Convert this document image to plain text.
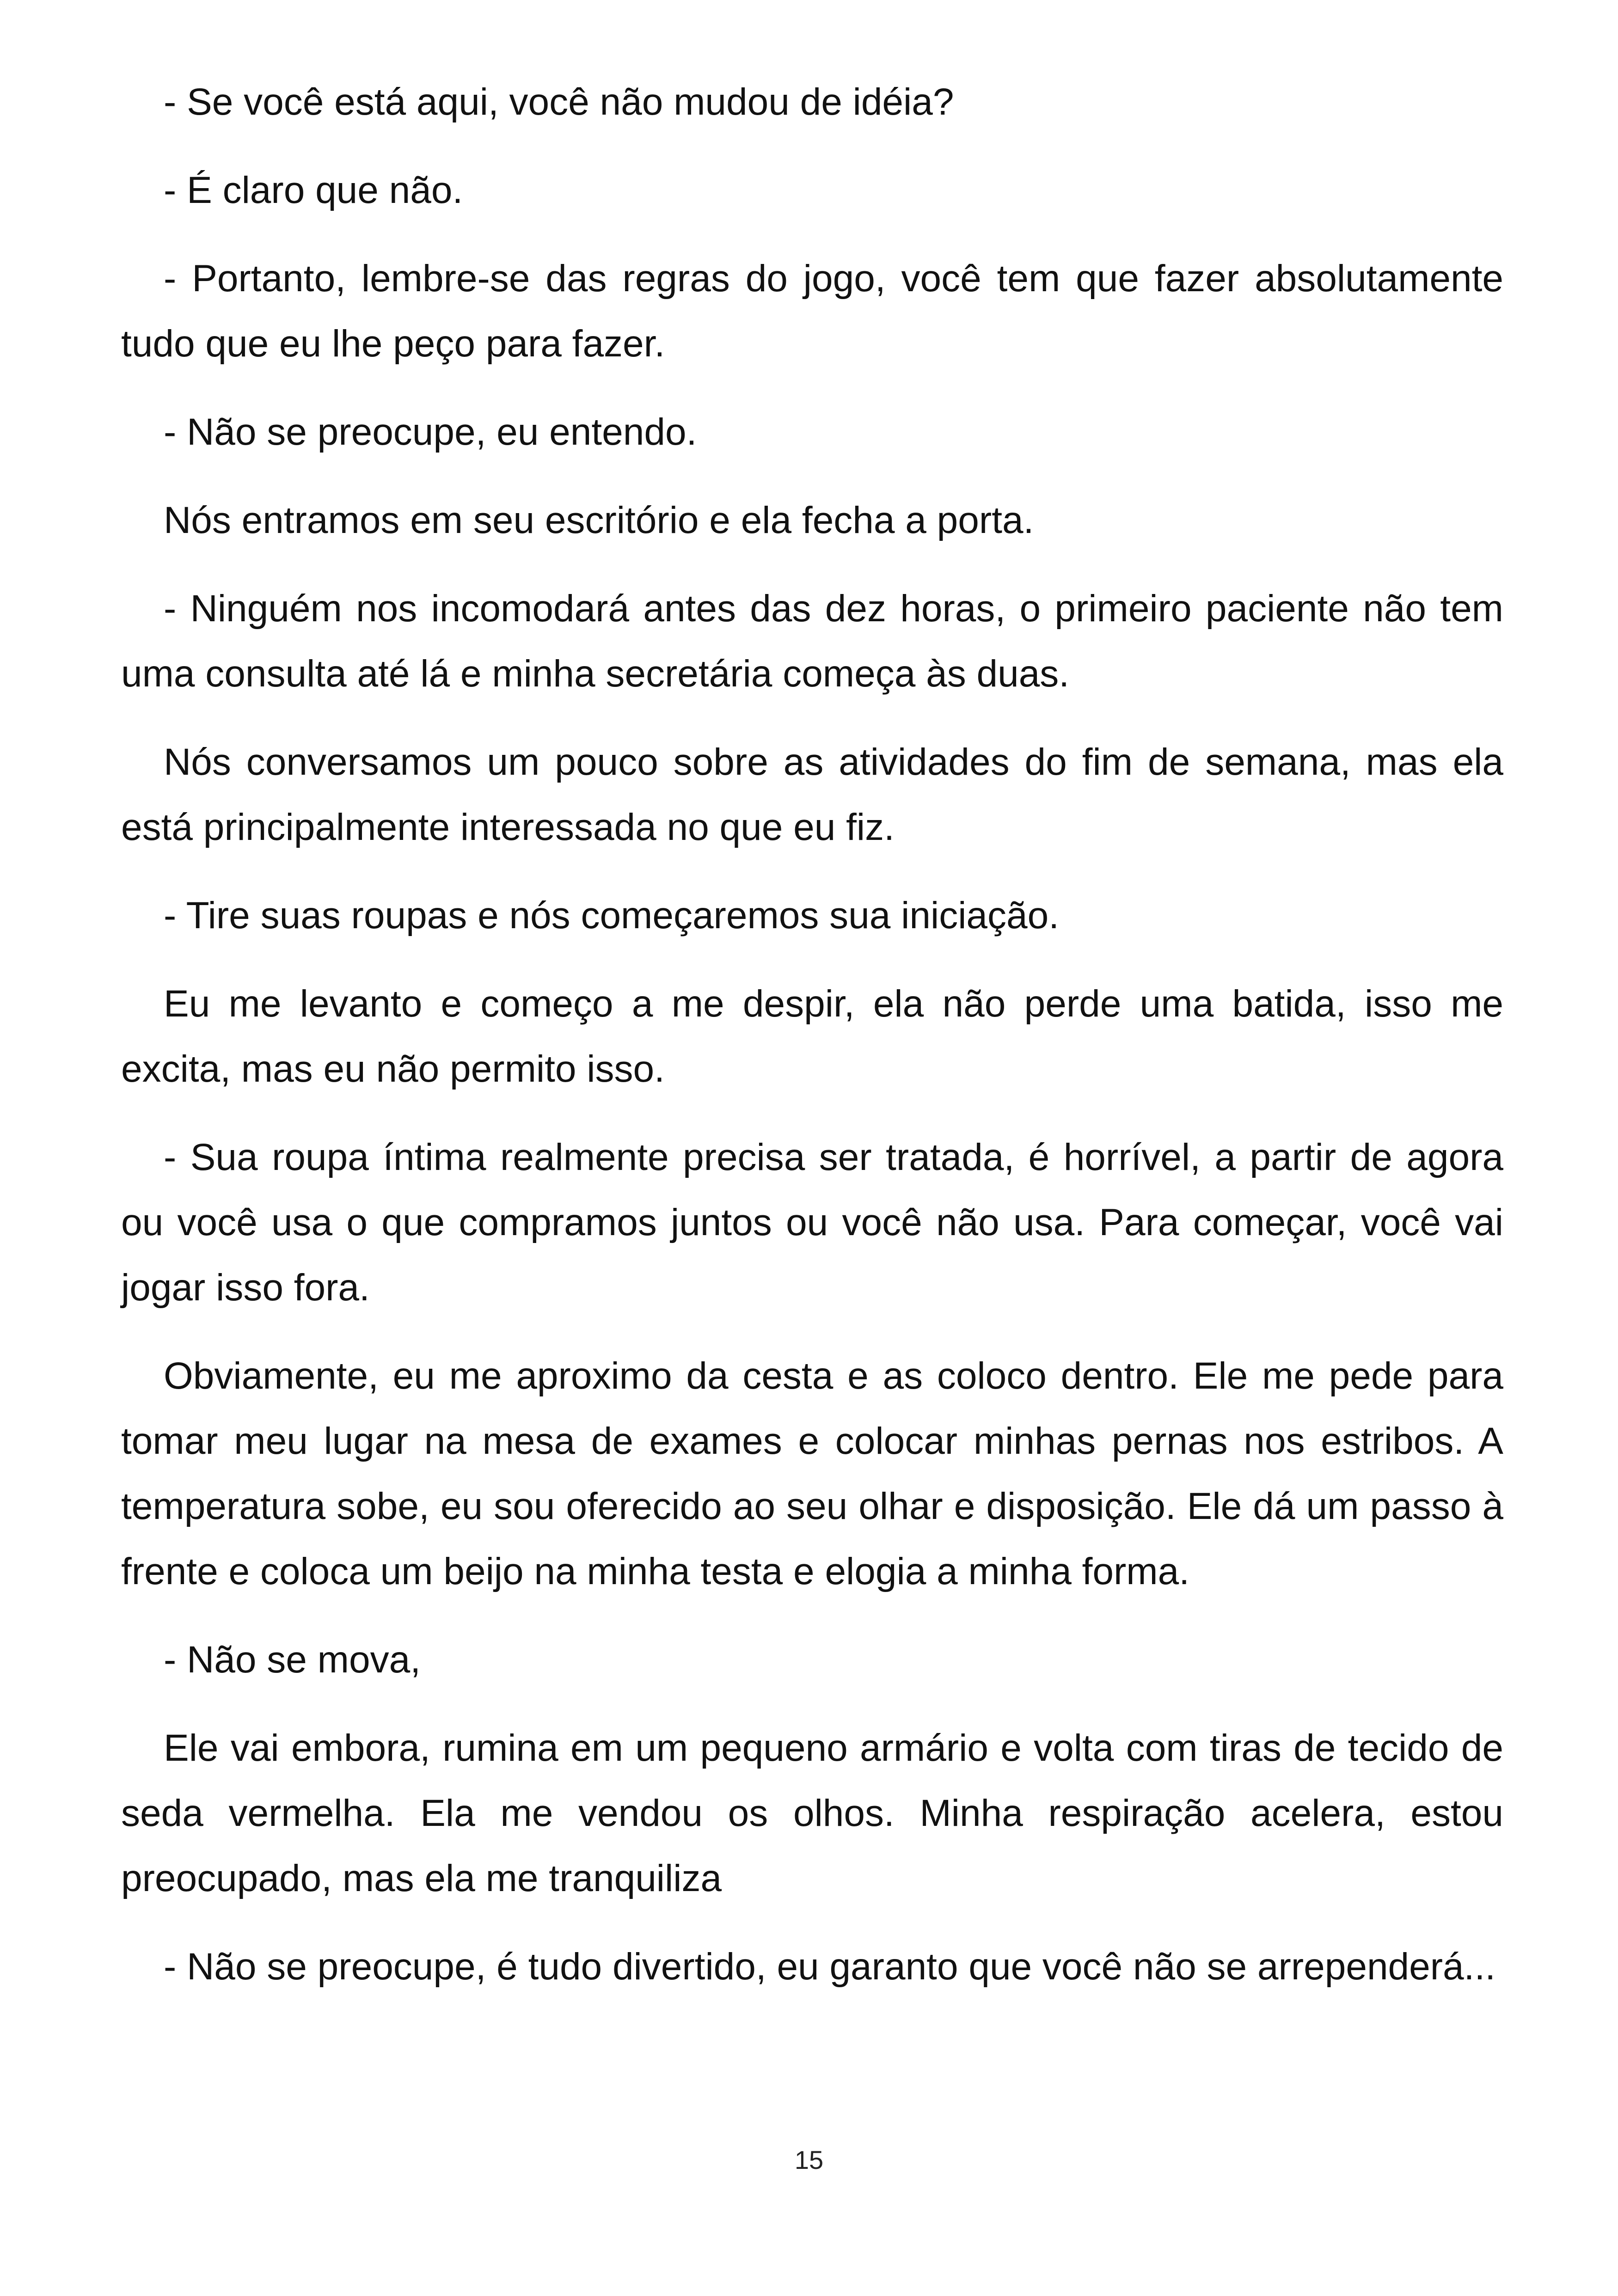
- Se você está aqui, você não mudou de idéia?

- É claro que não.

- Portanto, lembre-se das regras do jogo, você tem que fazer absolutamente tudo que eu lhe peço para fazer.

- Não se preocupe, eu entendo.

Nós entramos em seu escritório e ela fecha a porta.

- Ninguém nos incomodará antes das dez horas, o primeiro paciente não tem uma consulta até lá e minha secretária começa às duas.

Nós conversamos um pouco sobre as atividades do fim de semana, mas ela está principalmente interessada no que eu fiz.

- Tire suas roupas e nós começaremos sua iniciação.

Eu me levanto e começo a me despir, ela não perde uma batida, isso me excita, mas eu não permito isso.

- Sua roupa íntima realmente precisa ser tratada, é horrível, a partir de agora ou você usa o que compramos juntos ou você não usa. Para começar, você vai jogar isso fora.

Obviamente, eu me aproximo da cesta e as coloco dentro. Ele me pede para tomar meu lugar na mesa de exames e colocar minhas pernas nos estribos. A temperatura sobe, eu sou oferecido ao seu olhar e disposição. Ele dá um passo à frente e coloca um beijo na minha testa e elogia a minha forma.

- Não se mova,

Ele vai embora, rumina em um pequeno armário e volta com tiras de tecido de seda vermelha. Ela me vendou os olhos. Minha respiração acelera, estou preocupado, mas ela me tranquiliza

- Não se preocupe, é tudo divertido, eu garanto que você não se arrependerá...

15
